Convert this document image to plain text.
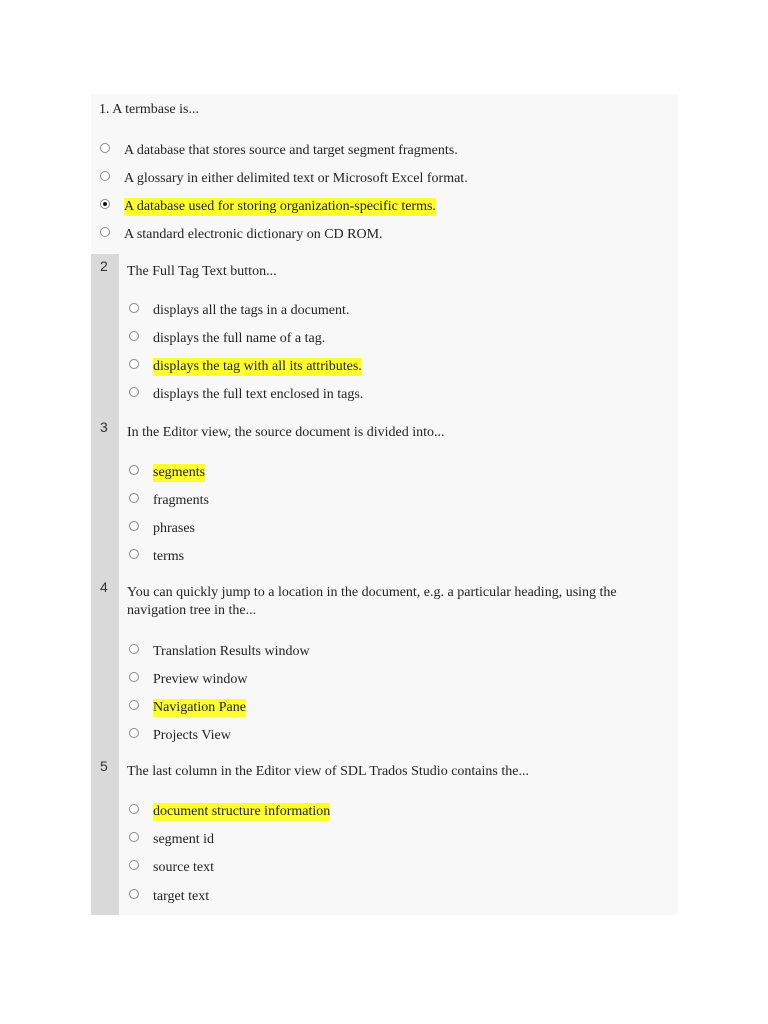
1. A termbase is...
A database that stores source and target segment fragments.
A glossary in either delimited text or Microsoft Excel format.
A database used for storing organization-specific terms.
A standard electronic dictionary on CD ROM.
2 The Full Tag Text button...
displays all the tags in a document.
displays the full name of a tag.
displays the tag with all its attributes.
displays the full text enclosed in tags.
3 In the Editor view, the source document is divided into...
segments
fragments
phrases
terms
4 You can quickly jump to a location in the document, e.g. a particular heading, using the
navigation tree in the...
Translation Results window
Preview window
Navigation Pane
Projects View
5 The last column in the Editor view of SDL Trados Studio contains the...
document structure information
segment id
source text
target text
